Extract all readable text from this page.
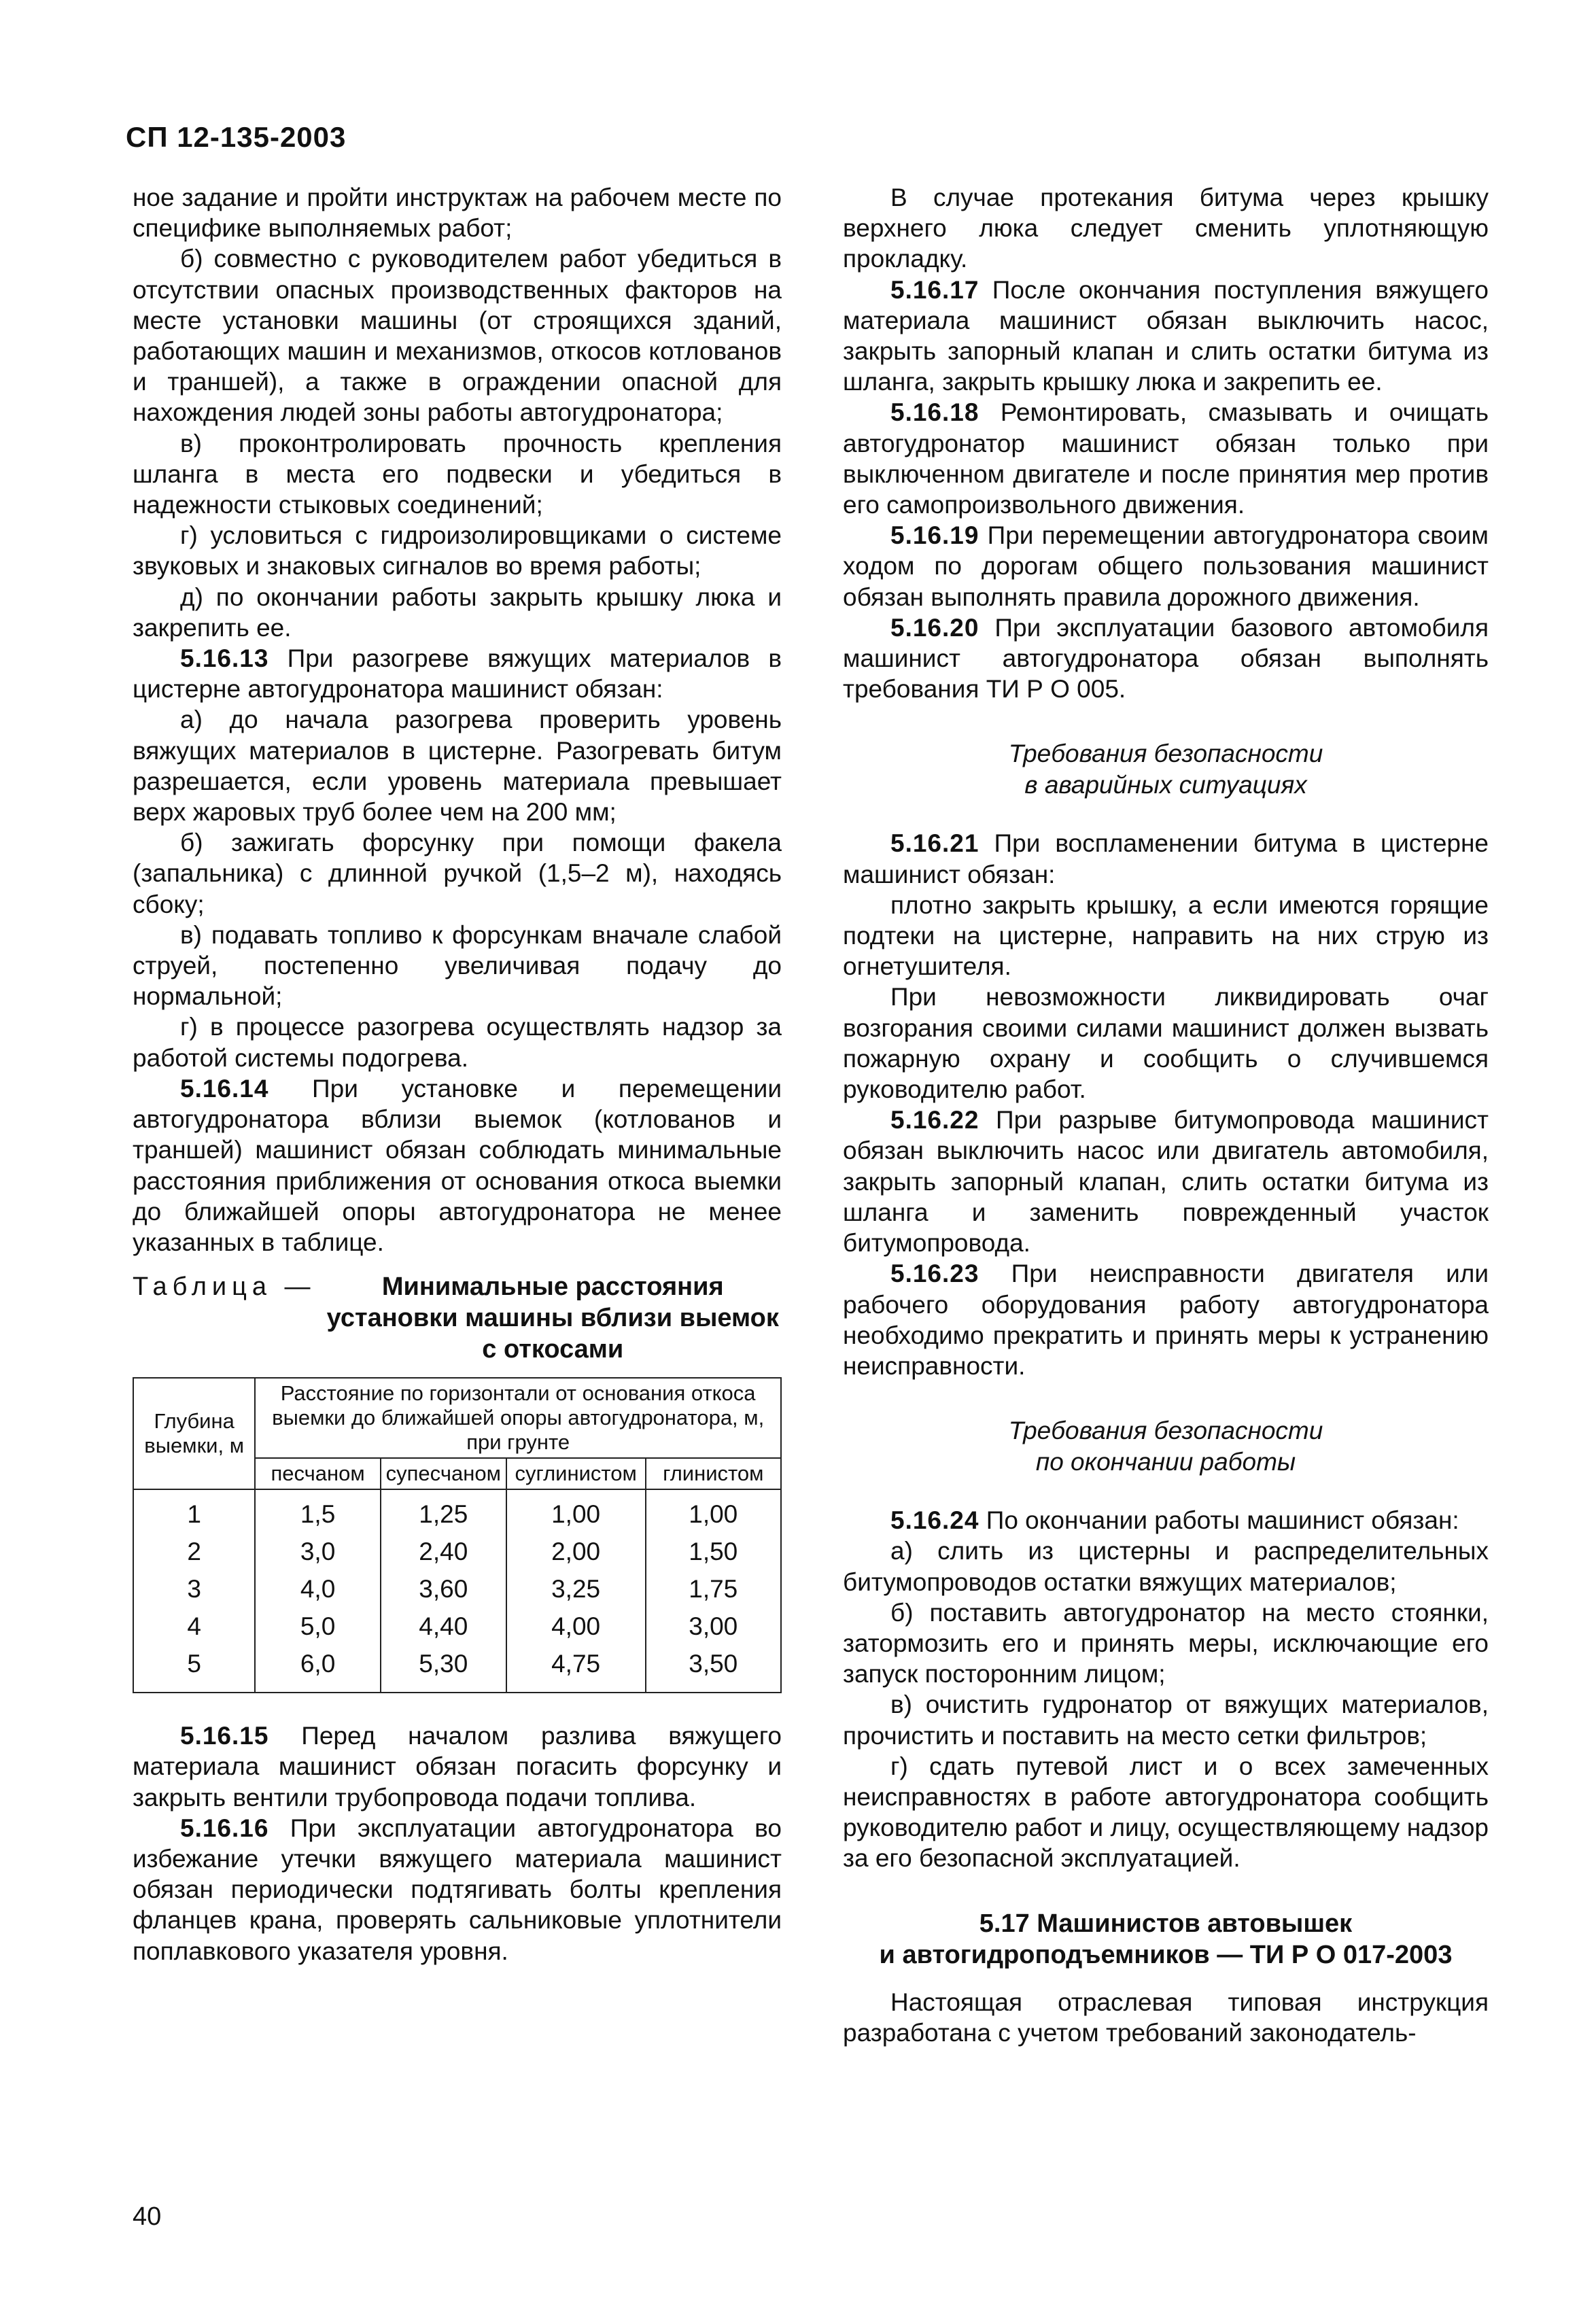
СП 12-135-2003

ное задание и пройти инструктаж на рабочем месте по специфике выполняемых работ;

б) совместно с руководителем работ убедиться в отсутствии опасных производственных факторов на месте установки машины (от строящихся зданий, работающих машин и механизмов, откосов котлованов и траншей), а также в ограждении опасной для нахождения людей зоны работы автогудронатора;

в) проконтролировать прочность крепления шланга в места его подвески и убедиться в надежности стыковых соединений;

г) условиться с гидроизолировщиками о системе звуковых и знаковых сигналов во время работы;

д) по окончании работы закрыть крышку люка и закрепить ее.

5.16.13 При разогреве вяжущих материалов в цистерне автогудронатора машинист обязан:

а) до начала разогрева проверить уровень вяжущих материалов в цистерне. Разогревать битум разрешается, если уровень материала превышает верх жаровых труб более чем на 200 мм;

б) зажигать форсунку при помощи факела (запальника) с длинной ручкой (1,5–2 м), находясь сбоку;

в) подавать топливо к форсункам вначале слабой струей, постепенно увеличивая подачу до нормальной;

г) в процессе разогрева осуществлять надзор за работой системы подогрева.

5.16.14 При установке и перемещении автогудронатора вблизи выемок (котлованов и траншей) машинист обязан соблюдать минимальные расстояния приближения от основания откоса выемки до ближайшей опоры автогудронатора не менее указанных в таблице.

Таблица —	Минимальные расстояния установки машины вблизи выемок с откосами
Глубина выемки, м	Расстояние по горизонтали от основания откоса выемки до ближайшей опоры автогудронатора, м, при грунте			
	песчаном	супесчаном	суглинистом	глинистом
1	1,5	1,25	1,00	1,00
2	3,0	2,40	2,00	1,50
3	4,0	3,60	3,25	1,75
4	5,0	4,40	4,00	3,00
5	6,0	5,30	4,75	3,50

5.16.15 Перед началом разлива вяжущего материала машинист обязан погасить форсунку и закрыть вентили трубопровода подачи топлива.

5.16.16 При эксплуатации автогудронатора во избежание утечки вяжущего материала машинист обязан периодически подтягивать болты крепления фланцев крана, проверять сальниковые уплотнители поплавкового указателя уровня.

В случае протекания битума через крышку верхнего люка следует сменить уплотняющую прокладку.

5.16.17 После окончания поступления вяжущего материала машинист обязан выключить насос, закрыть запорный клапан и слить остатки битума из шланга, закрыть крышку люка и закрепить ее.

5.16.18 Ремонтировать, смазывать и очищать автогудронатор машинист обязан только при выключенном двигателе и после принятия мер против его самопроизвольного движения.

5.16.19 При перемещении автогудронатора своим ходом по дорогам общего пользования машинист обязан выполнять правила дорожного движения.

5.16.20 При эксплуатации базового автомобиля машинист автогудронатора обязан выполнять требования ТИ Р О 005.

Требования безопасности
в аварийных ситуациях

5.16.21 При воспламенении битума в цистерне машинист обязан:

плотно закрыть крышку, а если имеются горящие подтеки на цистерне, направить на них струю из огнетушителя.

При невозможности ликвидировать очаг возгорания своими силами машинист должен вызвать пожарную охрану и сообщить о случившемся руководителю работ.

5.16.22 При разрыве битумопровода машинист обязан выключить насос или двигатель автомобиля, закрыть запорный клапан, слить остатки битума из шланга и заменить поврежденный участок битумопровода.

5.16.23 При неисправности двигателя или рабочего оборудования работу автогудронатора необходимо прекратить и принять меры к устранению неисправности.

Требования безопасности
по окончании работы

5.16.24 По окончании работы машинист обязан:

а) слить из цистерны и распределительных битумопроводов остатки вяжущих материалов;

б) поставить автогудронатор на место стоянки, затормозить его и принять меры, исключающие его запуск посторонним лицом;

в) очистить гудронатор от вяжущих материалов, прочистить и поставить на место сетки фильтров;

г) сдать путевой лист и о всех замеченных неисправностях в работе автогудронатора сообщить руководителю работ и лицу, осуществляющему надзор за его безопасной эксплуатацией.

5.17 Машинистов автовышек
и автогидроподъемников — ТИ Р О 017-2003

Настоящая отраслевая типовая инструкция разработана с учетом требований законодатель-

40
